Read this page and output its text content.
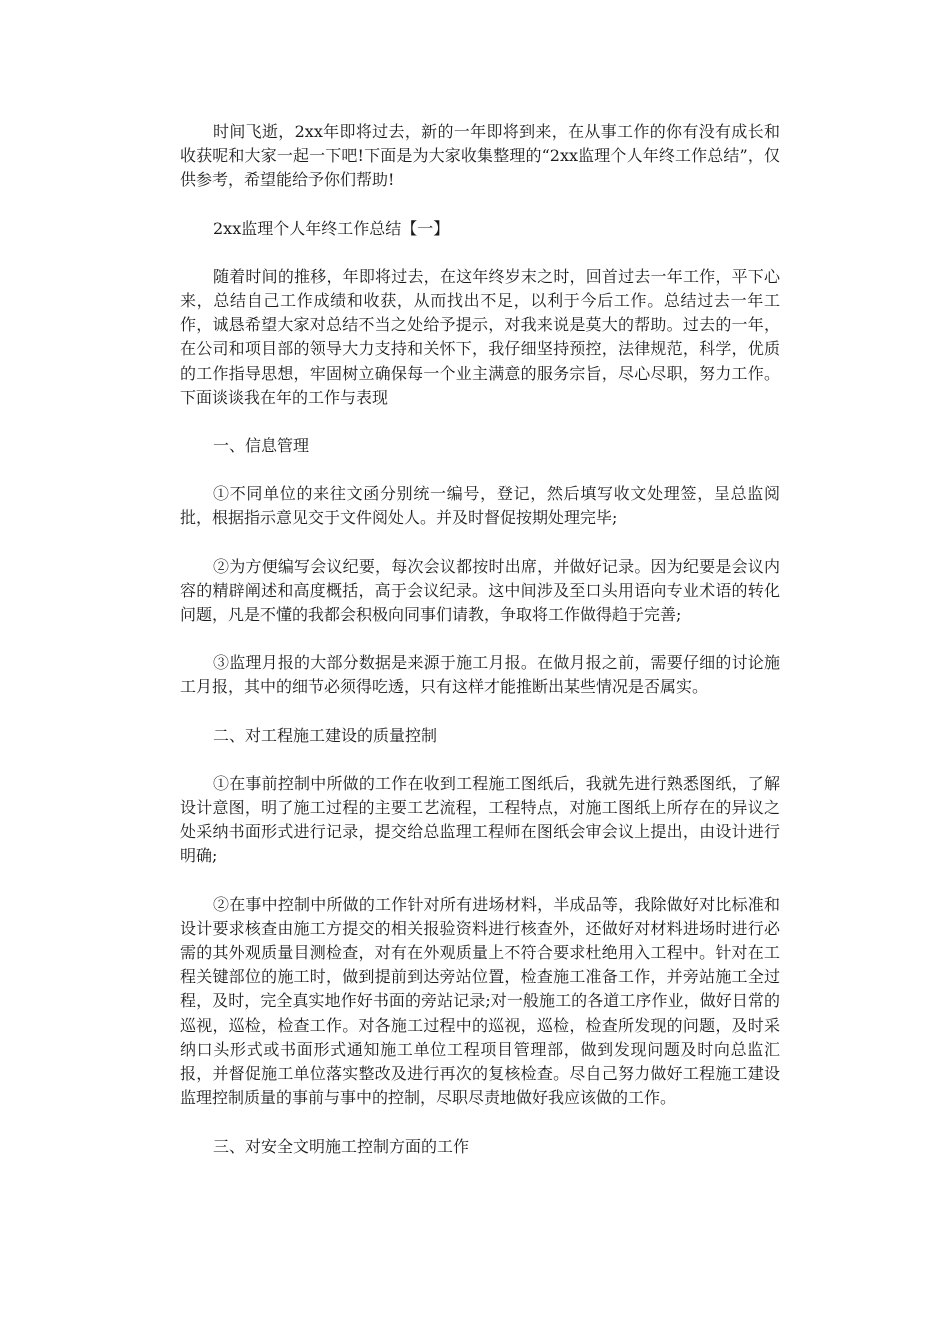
时间飞逝，2xx年即将过去，新的一年即将到来，在从事工作的你有没有成长和收获呢和大家一起一下吧!下面是为大家收集整理的“2xx监理个人年终工作总结”，仅供参考，希望能给予你们帮助!

2xx监理个人年终工作总结【一】

随着时间的推移，年即将过去，在这年终岁末之时，回首过去一年工作，平下心来，总结自己工作成绩和收获，从而找出不足，以利于今后工作。总结过去一年工作，诚恳希望大家对总结不当之处给予提示，对我来说是莫大的帮助。过去的一年，在公司和项目部的领导大力支持和关怀下，我仔细坚持预控，法律规范，科学，优质的工作指导思想，牢固树立确保每一个业主满意的服务宗旨，尽心尽职，努力工作。下面谈谈我在年的工作与表现

一、信息管理

①不同单位的来往文函分别统一编号，登记，然后填写收文处理签，呈总监阅批，根据指示意见交于文件阅处人。并及时督促按期处理完毕;

②为方便编写会议纪要，每次会议都按时出席，并做好记录。因为纪要是会议内容的精辟阐述和高度概括，高于会议纪录。这中间涉及至口头用语向专业术语的转化问题，凡是不懂的我都会积极向同事们请教，争取将工作做得趋于完善;

③监理月报的大部分数据是来源于施工月报。在做月报之前，需要仔细的讨论施工月报，其中的细节必须得吃透，只有这样才能推断出某些情况是否属实。

二、对工程施工建设的质量控制

①在事前控制中所做的工作在收到工程施工图纸后，我就先进行熟悉图纸，了解设计意图，明了施工过程的主要工艺流程，工程特点，对施工图纸上所存在的异议之处采纳书面形式进行记录，提交给总监理工程师在图纸会审会议上提出，由设计进行明确;

②在事中控制中所做的工作针对所有进场材料，半成品等，我除做好对比标准和设计要求核查由施工方提交的相关报验资料进行核查外，还做好对材料进场时进行必需的其外观质量目测检查，对有在外观质量上不符合要求杜绝用入工程中。针对在工程关键部位的施工时，做到提前到达旁站位置，检查施工准备工作，并旁站施工全过程，及时，完全真实地作好书面的旁站记录;对一般施工的各道工序作业，做好日常的巡视，巡检，检查工作。对各施工过程中的巡视，巡检，检查所发现的问题，及时采纳口头形式或书面形式通知施工单位工程项目管理部，做到发现问题及时向总监汇报，并督促施工单位落实整改及进行再次的复核检查。尽自己努力做好工程施工建设监理控制质量的事前与事中的控制，尽职尽责地做好我应该做的工作。

三、对安全文明施工控制方面的工作
